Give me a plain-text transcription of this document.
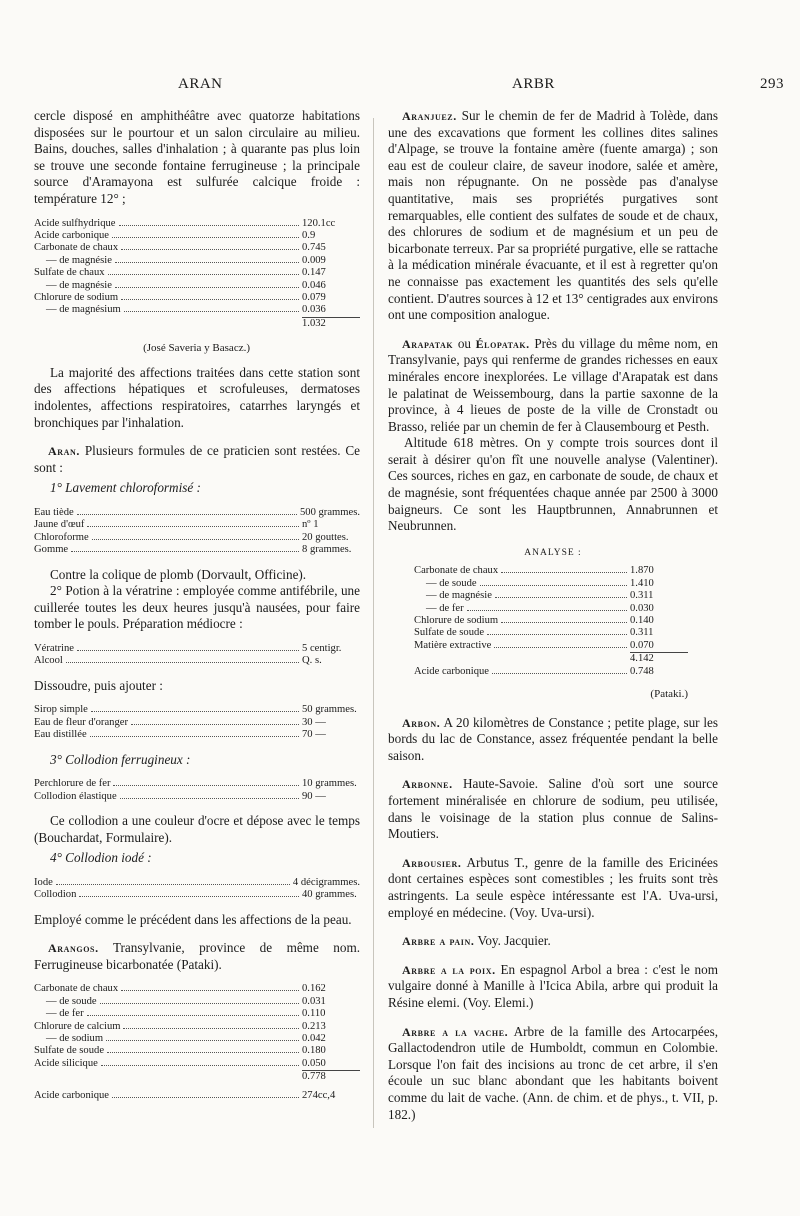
ARAN	ARBR	293

cercle disposé en amphithéâtre avec quatorze habitations disposées sur le pourtour et un salon circulaire au milieu. Bains, douches, salles d'inhalation ; à quarante pas plus loin se trouve une seconde fontaine ferrugineuse ; la principale source d'Aramayona est sulfurée calcique froide : température 12° ;

Acide sulfhydrique	120.1cc
Acide carbonique	0.9
Carbonate de chaux	0.745
— de magnésie	0.009
Sulfate de chaux	0.147
— de magnésie	0.046
Chlorure de sodium	0.079
— de magnésium	0.036
1.032
(José Saveria y Basacz.)

La majorité des affections traitées dans cette station sont des affections hépatiques et scrofuleuses, dermatoses indolentes, affections respiratoires, catarrhes laryngés et bronchiques par l'inhalation.

Aran. Plusieurs formules de ce praticien sont restées. Ce sont :

1° Lavement chloroformisé :

Eau tiède	500 grammes.
Jaune d'œuf	nº 1
Chloroforme	20 gouttes.
Gomme	8 grammes.

Contre la colique de plomb (Dorvault, Officine).

2° Potion à la vératrine : employée comme antifébrile, une cuillerée toutes les deux heures jusqu'à nausées, pour faire tomber le pouls. Préparation médiocre :

Vératrine	5 centigr.
Alcool	Q. s.

Dissoudre, puis ajouter :

Sirop simple	50 grammes.
Eau de fleur d'oranger	30 —
Eau distillée	70 —

3° Collodion ferrugineux :

Perchlorure de fer	10 grammes.
Collodion élastique	90 —

Ce collodion a une couleur d'ocre et dépose avec le temps (Bouchardat, Formulaire).

4° Collodion iodé :

Iode	4 décigrammes.
Collodion	40 grammes.

Employé comme le précédent dans les affections de la peau.

Arangos. Transylvanie, province de même nom. Ferrugineuse bicarbonatée (Pataki).

Carbonate de chaux	0.162
— de soude	0.031
— de fer	0.110
Chlorure de calcium	0.213
— de sodium	0.042
Sulfate de soude	0.180
Acide silicique	0.050
0.778
Acide carbonique	274cc,4

Aranjuez. Sur le chemin de fer de Madrid à Tolède, dans une des excavations que forment les collines dites salines d'Alpage, se trouve la fontaine amère (fuente amarga) ; son eau est de couleur claire, de saveur inodore, salée et amère, mais non répugnante. On ne possède pas d'analyse quantitative, mais ses propriétés purgatives sont remarquables, elle contient des sulfates de soude et de chaux, des chlorures de sodium et de magnésium et un peu de bicarbonate terreux. Par sa propriété purgative, elle se rattache à la médication minérale évacuante, et il est à regretter qu'on ne connaisse pas exactement les quantités des sels qu'elle contient. D'autres sources à 12 et 13° centigrades aux environs ont une composition analogue.

Arapatak ou Élopatak. Près du village du même nom, en Transylvanie, pays qui renferme de grandes richesses en eaux minérales encore inexplorées. Le village d'Arapatak est dans le palatinat de Weissembourg, dans la partie saxonne de la province, à 4 lieues de poste de la ville de Cronstadt ou Brasso, reliée par un chemin de fer à Clausembourg et Pesth.

Altitude 618 mètres. On y compte trois sources dont il serait à désirer qu'on fît une nouvelle analyse (Valentiner). Ces sources, riches en gaz, en carbonate de soude, de chaux et de magnésie, sont fréquentées chaque année par 2500 à 3000 baigneurs. Ce sont les Hauptbrunnen, Annabrunnen et Neubrunnen.

ANALYSE :
Carbonate de chaux	1.870
— de soude	1.410
— de magnésie	0.311
— de fer	0.030
Chlorure de sodium	0.140
Sulfate de soude	0.311
Matière extractive	0.070
4.142
Acide carbonique	0.748
(Pataki.)

Arbon. A 20 kilomètres de Constance ; petite plage, sur les bords du lac de Constance, assez fréquentée pendant la belle saison.

Arbonne. Haute-Savoie. Saline d'où sort une source fortement minéralisée en chlorure de sodium, peu utilisée, dans le voisinage de la station plus connue de Salins-Moutiers.

Arbousier. Arbutus T., genre de la famille des Ericinées dont certaines espèces sont comestibles ; les fruits sont très astringents. La seule espèce intéressante est l'A. Uva-ursi, employé en médecine. (Voy. Uva-ursi).

Arbre a pain. Voy. Jacquier.

Arbre a la poix. En espagnol Arbol a brea : c'est le nom vulgaire donné à Manille à l'Icica Abila, arbre qui produit la Résine elemi. (Voy. Elemi.)

Arbre a la vache. Arbre de la famille des Artocarpées, Gallactodendron utile de Humboldt, commun en Colombie. Lorsque l'on fait des incisions au tronc de cet arbre, il s'en écoule un suc blanc abondant que les habitants boivent comme du lait de vache. (Ann. de chim. et de phys., t. VII, p. 182.)
